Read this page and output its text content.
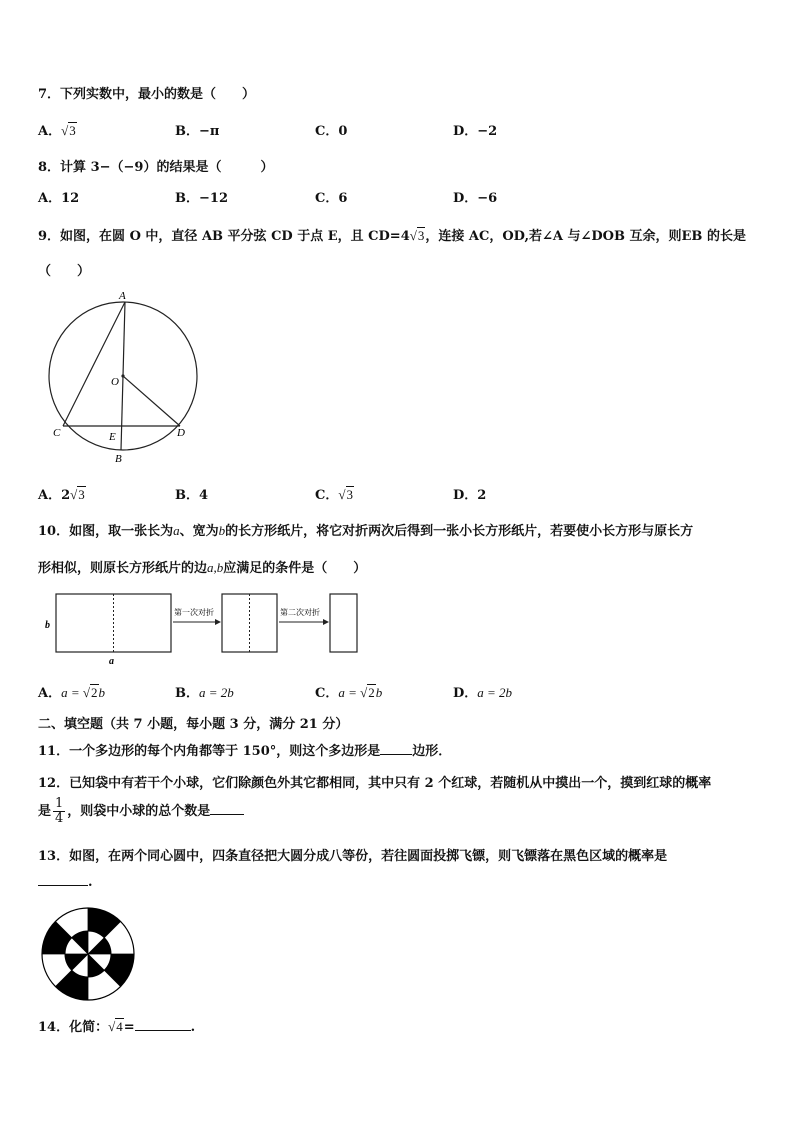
7．下列实数中，最小的数是（　　）
A．√3	B．−π	C．0	D．−2
8．计算 3−（−9）的结果是（　　　）
A．12	B．−12	C．6	D．−6
9．如图，在圆 O 中，直径 AB 平分弦 CD 于点 E，且 CD=4√3，连接 AC，OD,若∠A 与∠DOB 互余，则EB 的长是
（　　）
A
O
C	E	D
B
A．2√3	B．4	C．√3	D．2
10．如图，取一张长为a、宽为b的长方形纸片，将它对折两次后得到一张小长方形纸片，若要使小长方形与原长方
形相似，则原长方形纸片的边a,b应满足的条件是（　　）
b
a
第一次对折	第二次对折
A．a = √2b	B．a = 2b	C．a = √2b	D．a = 2b
二、填空题（共 7 小题，每小题 3 分，满分 21 分）
11．一个多边形的每个内角都等于 150°，则这个多边形是 边形．
12．已知袋中有若干个小球，它们除颜色外其它都相同，其中只有 2 个红球，若随机从中摸出一个，摸到红球的概率
是 $\frac{1}{4}$ ，则袋中小球的总个数是
13．如图，在两个同心圆中，四条直径把大圆分成八等份，若往圆面投掷飞镖，则飞镖落在黑色区域的概率是
.
14．化简：√4=	.
